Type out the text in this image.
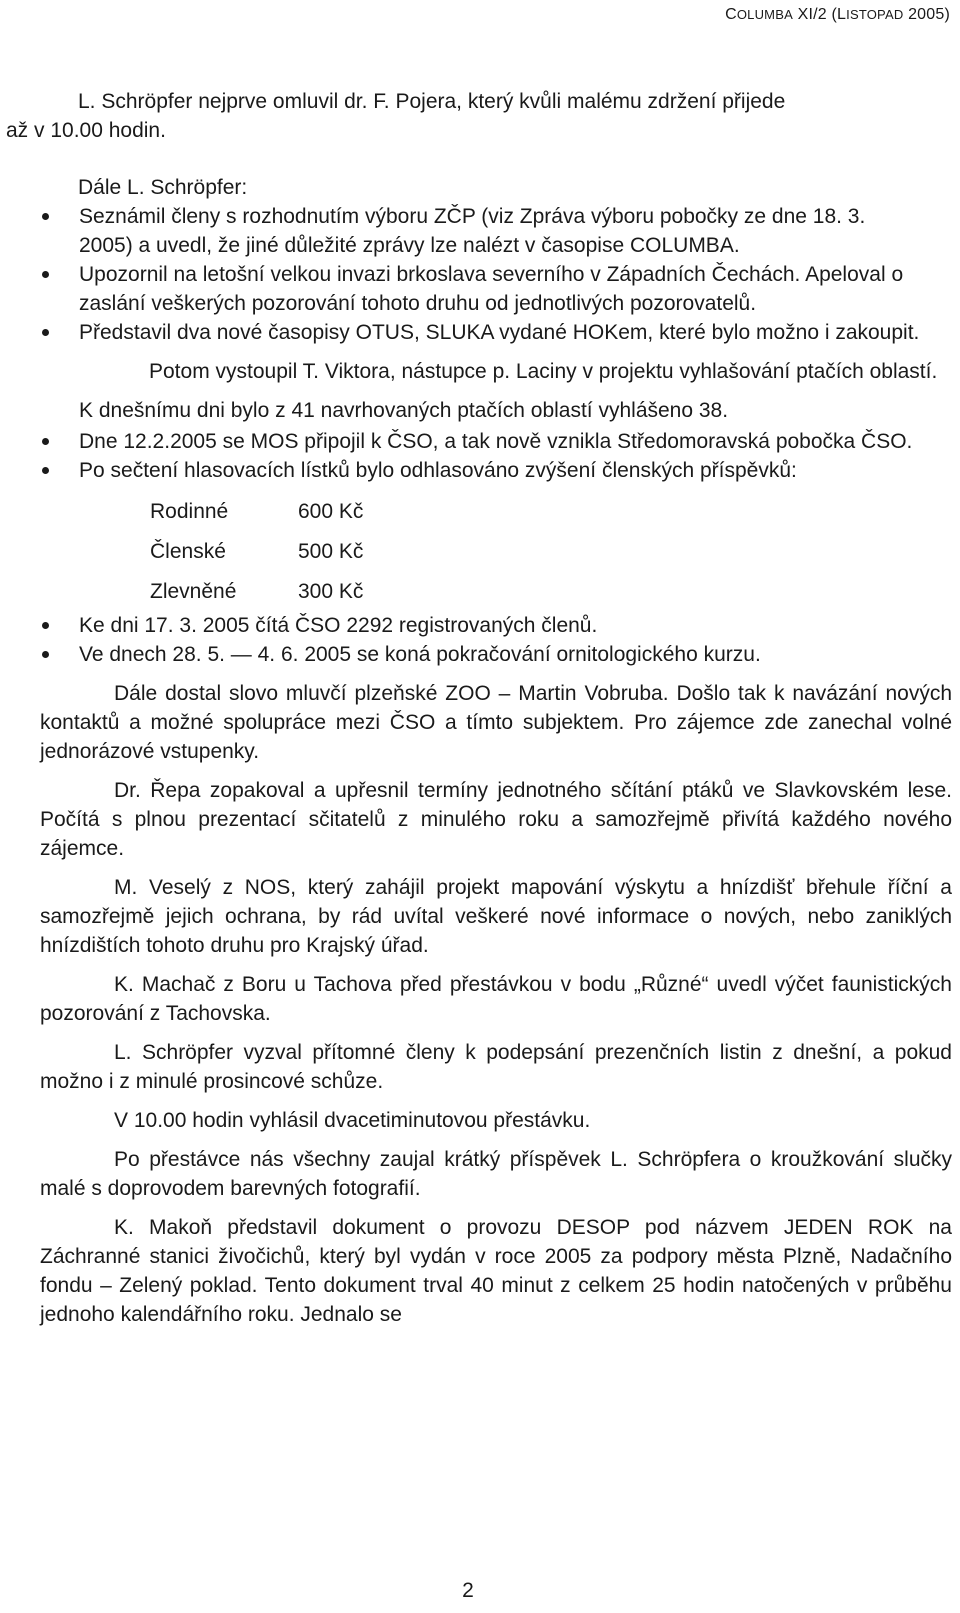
COLUMBA XI/2 (LISTOPAD 2005)

L. Schröpfer nejprve omluvil dr. F. Pojera, který kvůli malému zdržení přijede

až v 10.00 hodin.

Dále L. Schröpfer:

Seznámil členy s rozhodnutím výboru ZČP (viz Zpráva výboru pobočky ze dne 18. 3. 2005) a uvedl, že jiné důležité zprávy lze nalézt v časopise COLUMBA.
Upozornil na letošní velkou invazi brkoslava severního v Západních Čechách. Apeloval o zaslání veškerých pozorování tohoto druhu od jednotlivých pozorovatelů.
Představil dva nové časopisy OTUS, SLUKA vydané HOKem, které bylo možno i zakoupit.

Potom vystoupil T. Viktora, nástupce p. Laciny v projektu vyhlašování ptačích oblastí.

K dnešnímu dni bylo z 41 navrhovaných ptačích oblastí vyhlášeno 38.

Dne 12.2.2005 se MOS připojil k ČSO, a tak nově vznikla Středomoravská pobočka ČSO.
Po sečtení hlasovacích lístků bylo odhlasováno zvýšení členských příspěvků:
Rodinné	600 Kč
Členské	500 Kč
Zlevněné	300 Kč
Ke dni 17. 3. 2005 čítá ČSO 2292 registrovaných členů.
Ve dnech 28. 5. — 4. 6. 2005 se koná pokračování ornitologického kurzu.

Dále dostal slovo mluvčí plzeňské ZOO – Martin Vobruba. Došlo tak k navázání nových kontaktů a možné spolupráce mezi ČSO a tímto subjektem. Pro zájemce zde zanechal volné jednorázové vstupenky.

Dr. Řepa zopakoval a upřesnil termíny jednotného sčítání ptáků ve Slavkovském lese. Počítá s plnou prezentací sčitatelů z minulého roku a samozřejmě přivítá každého nového zájemce.

M. Veselý z NOS, který zahájil projekt mapování výskytu a hnízdišť břehule říční a samozřejmě jejich ochrana, by rád uvítal veškeré nové informace o nových, nebo zaniklých hnízdištích tohoto druhu pro Krajský úřad.

K. Machač z Boru u Tachova před přestávkou v bodu „Různé“ uvedl výčet faunistických pozorování z Tachovska.

L. Schröpfer vyzval přítomné členy k podepsání prezenčních listin z dnešní, a pokud možno i z minulé prosincové schůze.

V 10.00 hodin vyhlásil dvacetiminutovou přestávku.

Po přestávce nás všechny zaujal krátký příspěvek L. Schröpfera o kroužkování slučky malé s doprovodem barevných fotografií.

K. Makoň představil dokument o provozu DESOP pod názvem JEDEN ROK na Záchranné stanici živočichů, který byl vydán v roce 2005 za podpory města Plzně, Nadačního fondu – Zelený poklad. Tento dokument trval 40 minut z celkem 25 hodin natočených v průběhu jednoho kalendářního roku. Jednalo se

2
